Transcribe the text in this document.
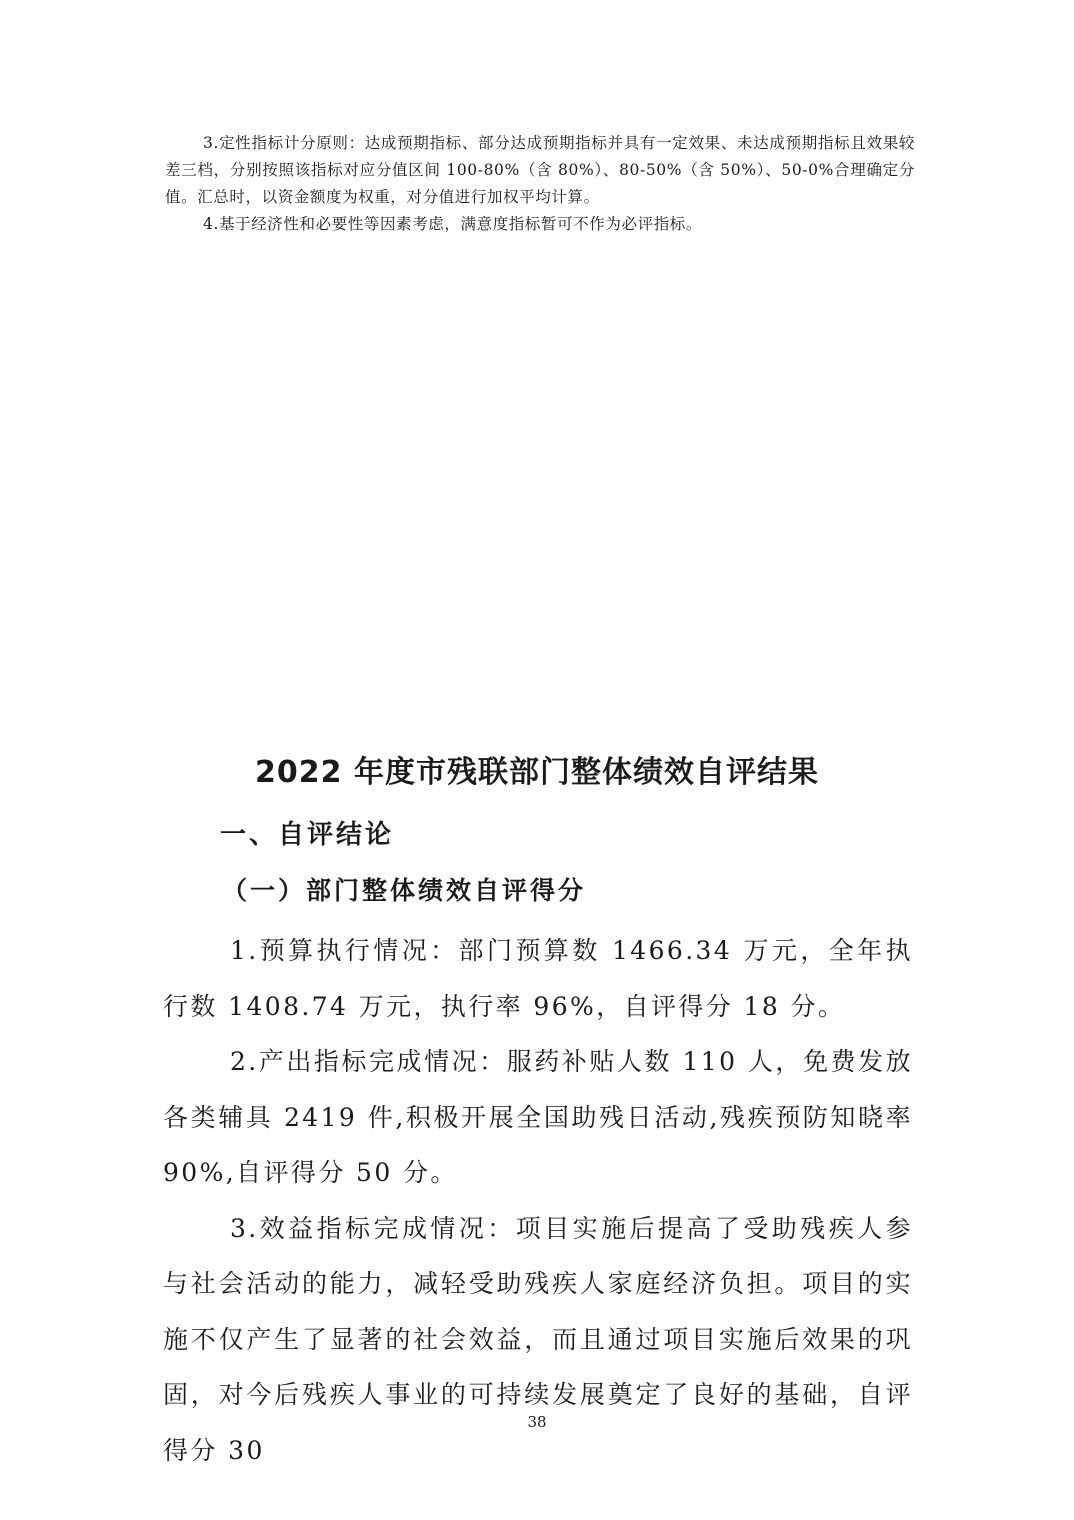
3.定性指标计分原则：达成预期指标、部分达成预期指标并具有一定效果、未达成预期指标且效果较差三档，分别按照该指标对应分值区间 100-80%（含 80%）、80-50%（含 50%）、50-0%合理确定分值。汇总时，以资金额度为权重，对分值进行加权平均计算。

4.基于经济性和必要性等因素考虑，满意度指标暂可不作为必评指标。

2022 年度市残联部门整体绩效自评结果
一、自评结论
（一）部门整体绩效自评得分

1.预算执行情况：部门预算数 1466.34 万元，全年执行数 1408.74 万元，执行率 96%，自评得分 18 分。

2.产出指标完成情况：服药补贴人数 110 人，免费发放各类辅具 2419 件,积极开展全国助残日活动,残疾预防知晓率 90%,自评得分 50 分。

3.效益指标完成情况：项目实施后提高了受助残疾人参与社会活动的能力，减轻受助残疾人家庭经济负担。项目的实施不仅产生了显著的社会效益，而且通过项目实施后效果的巩固，对今后残疾人事业的可持续发展奠定了良好的基础，自评得分 30

38
